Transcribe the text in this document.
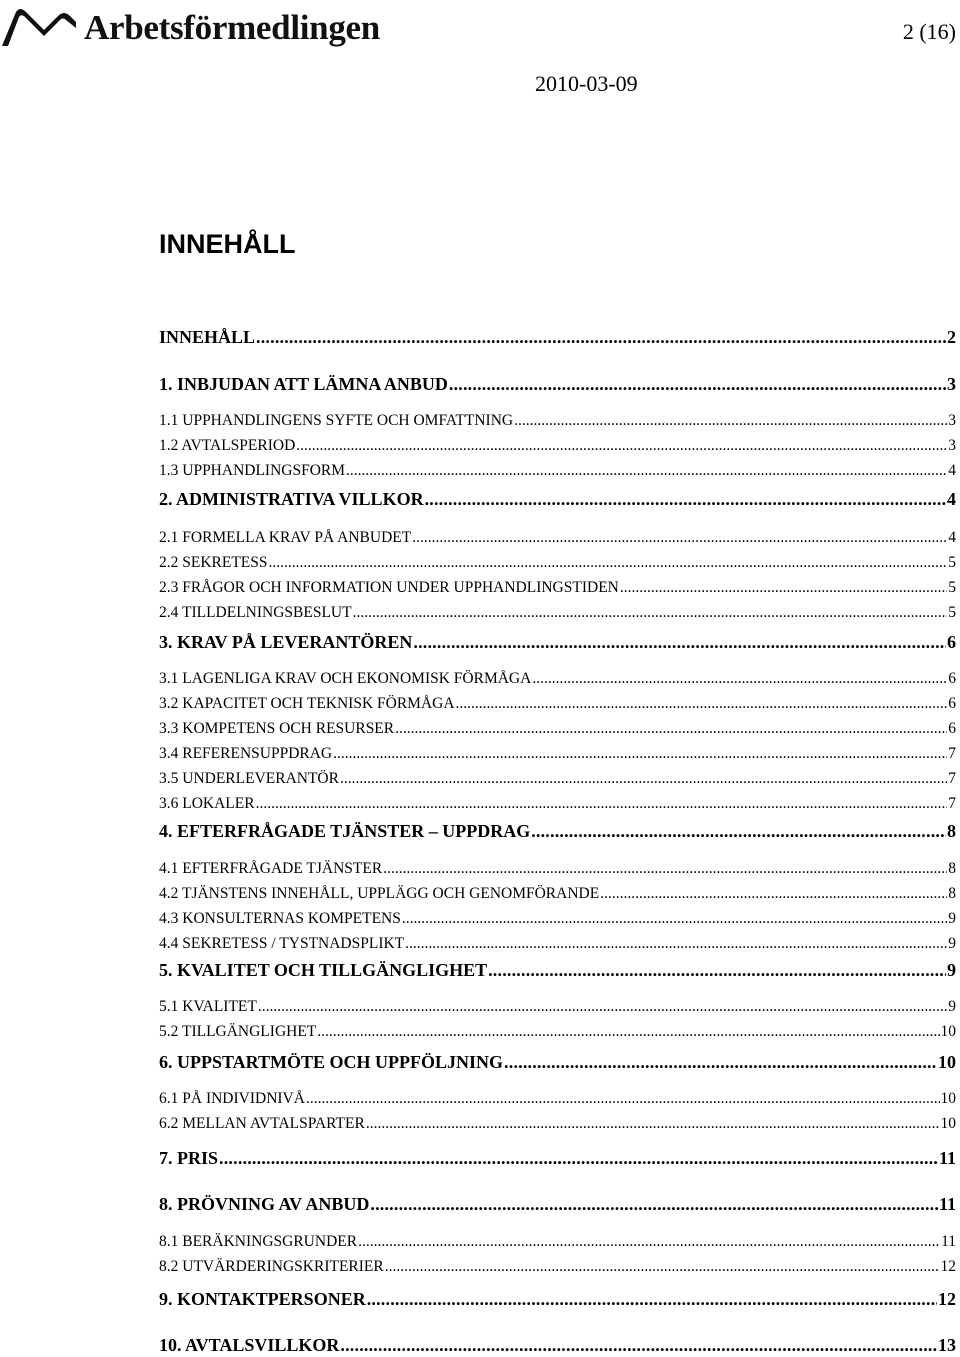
Arbetsförmedlingen	2 (16)
2010-03-09
INNEHÅLL
INNEHÅLL .....	2
1. INBJUDAN ATT LÄMNA ANBUD .....	3
1.1 UPPHANDLINGENS SYFTE OCH OMFATTNING .....	3
1.2 AVTALSPERIOD .....	3
1.3 UPPHANDLINGSFORM .....	4
2. ADMINISTRATIVA VILLKOR .....	4
2.1 FORMELLA KRAV PÅ ANBUDET .....	4
2.2 SEKRETESS .....	5
2.3 FRÅGOR OCH INFORMATION UNDER UPPHANDLINGSTIDEN .....	5
2.4 TILLDELNINGSBESLUT .....	5
3. KRAV PÅ LEVERANTÖREN .....	6
3.1 LAGENLIGA KRAV OCH EKONOMISK FÖRMÅGA .....	6
3.2 KAPACITET OCH TEKNISK FÖRMÅGA .....	6
3.3 KOMPETENS OCH RESURSER .....	6
3.4 REFERENSUPPDRAG .....	7
3.5 UNDERLEVERANTÖR .....	7
3.6 LOKALER .....	7
4. EFTERFRÅGADE TJÄNSTER – UPPDRAG .....	8
4.1 EFTERFRÅGADE TJÄNSTER .....	8
4.2 TJÄNSTENS INNEHÅLL, UPPLÄGG OCH GENOMFÖRANDE .....	8
4.3 KONSULTERNAS KOMPETENS .....	9
4.4 SEKRETESS / TYSTNADSPLIKT .....	9
5. KVALITET OCH TILLGÄNGLIGHET .....	9
5.1 KVALITET .....	9
5.2 TILLGÄNGLIGHET .....	10
6. UPPSTARTMÖTE OCH UPPFÖLJNING .....	10
6.1 PÅ INDIVIDNIVÅ .....	10
6.2 MELLAN AVTALSPARTER .....	10
7. PRIS .....	11
8. PRÖVNING AV ANBUD .....	11
8.1 BERÄKNINGSGRUNDER .....	11
8.2 UTVÄRDERINGSKRITERIER .....	12
9. KONTAKTPERSONER .....	12
10. AVTALSVILLKOR .....	13
